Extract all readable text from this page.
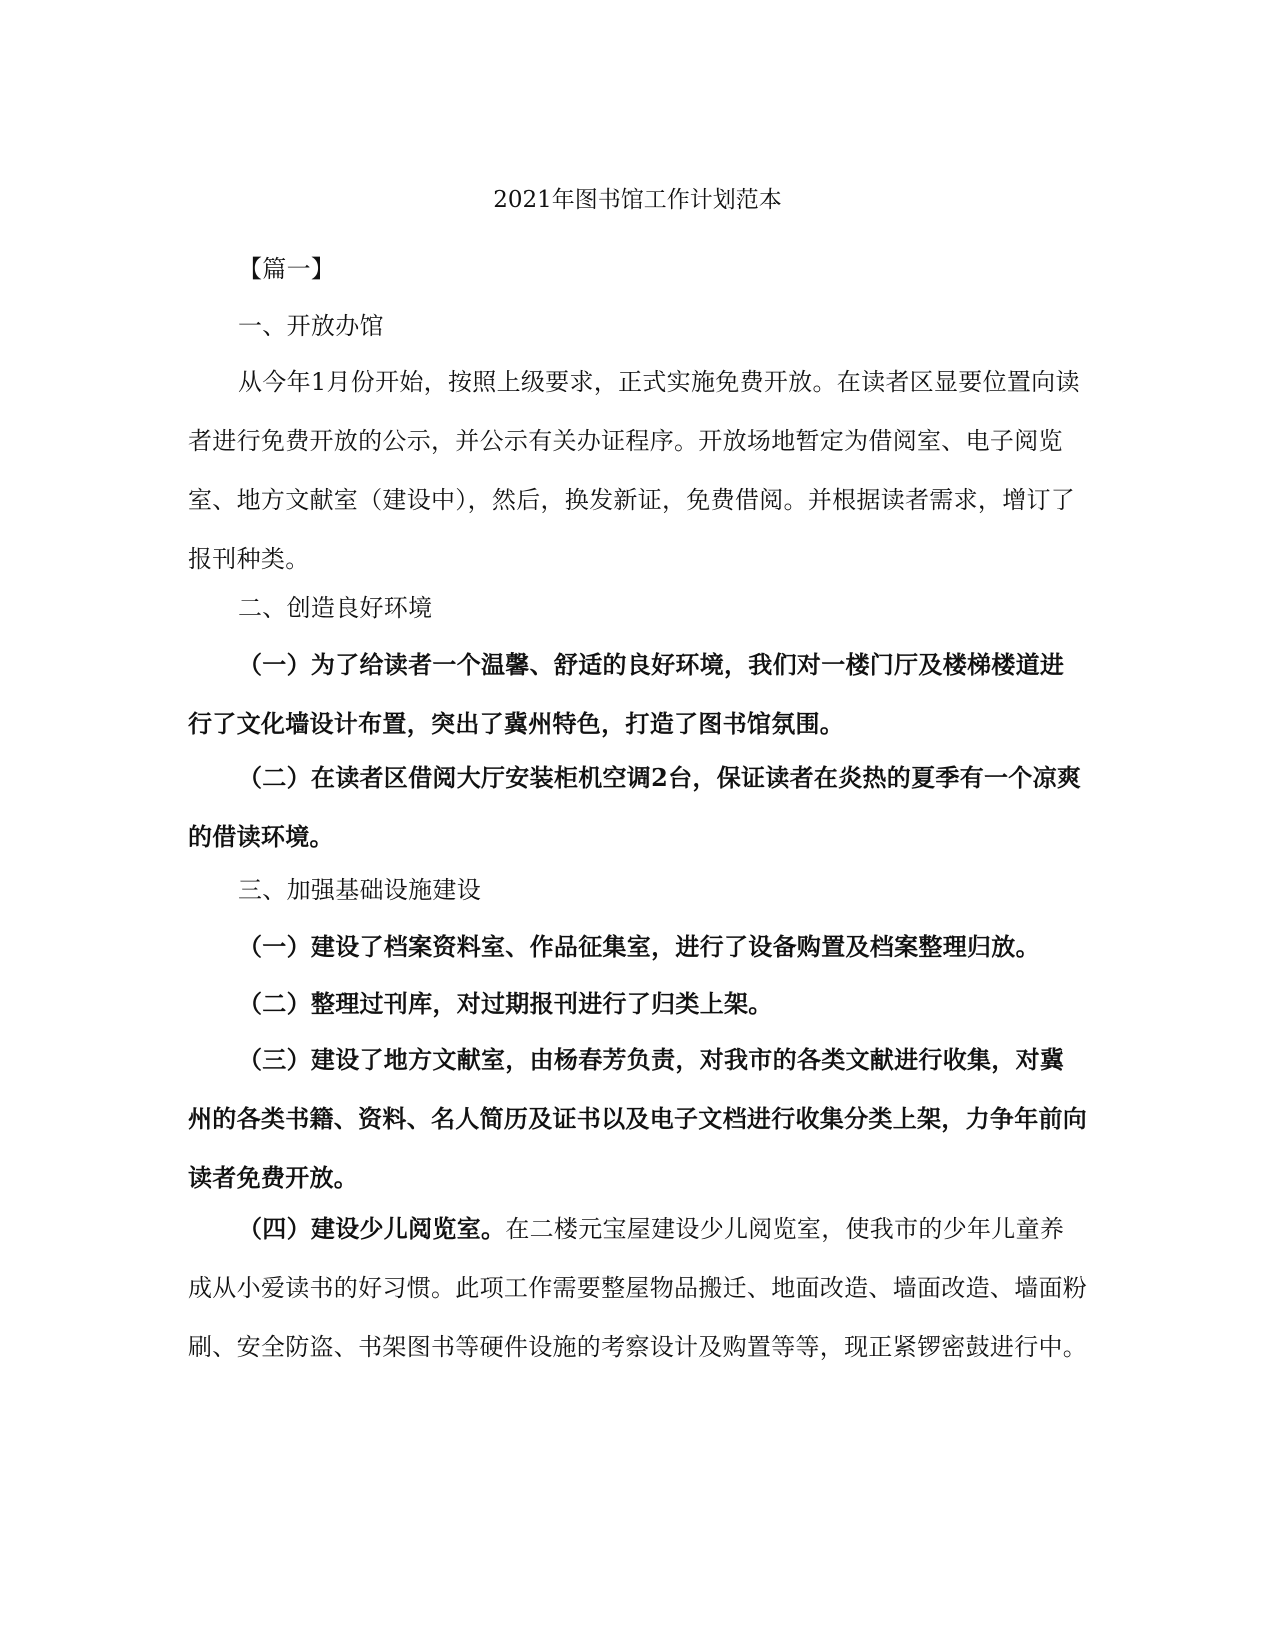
2021年图书馆工作计划范本

【篇一】

一、开放办馆

从今年1月份开始，按照上级要求，正式实施免费开放。在读者区显要位置向读者进行免费开放的公示，并公示有关办证程序。开放场地暂定为借阅室、电子阅览室、地方文献室（建设中），然后，换发新证，免费借阅。并根据读者需求，增订了报刊种类。

二、创造良好环境

（一）为了给读者一个温馨、舒适的良好环境，我们对一楼门厅及楼梯楼道进行了文化墙设计布置，突出了冀州特色，打造了图书馆氛围。

（二）在读者区借阅大厅安装柜机空调2台，保证读者在炎热的夏季有一个凉爽的借读环境。

三、加强基础设施建设

（一）建设了档案资料室、作品征集室，进行了设备购置及档案整理归放。

（二）整理过刊库，对过期报刊进行了归类上架。

（三）建设了地方文献室，由杨春芳负责，对我市的各类文献进行收集，对冀州的各类书籍、资料、名人简历及证书以及电子文档进行收集分类上架，力争年前向读者免费开放。

（四）建设少儿阅览室。在二楼元宝屋建设少儿阅览室，使我市的少年儿童养成从小爱读书的好习惯。此项工作需要整屋物品搬迁、地面改造、墙面改造、墙面粉刷、安全防盗、书架图书等硬件设施的考察设计及购置等等，现正紧锣密鼓进行中。
